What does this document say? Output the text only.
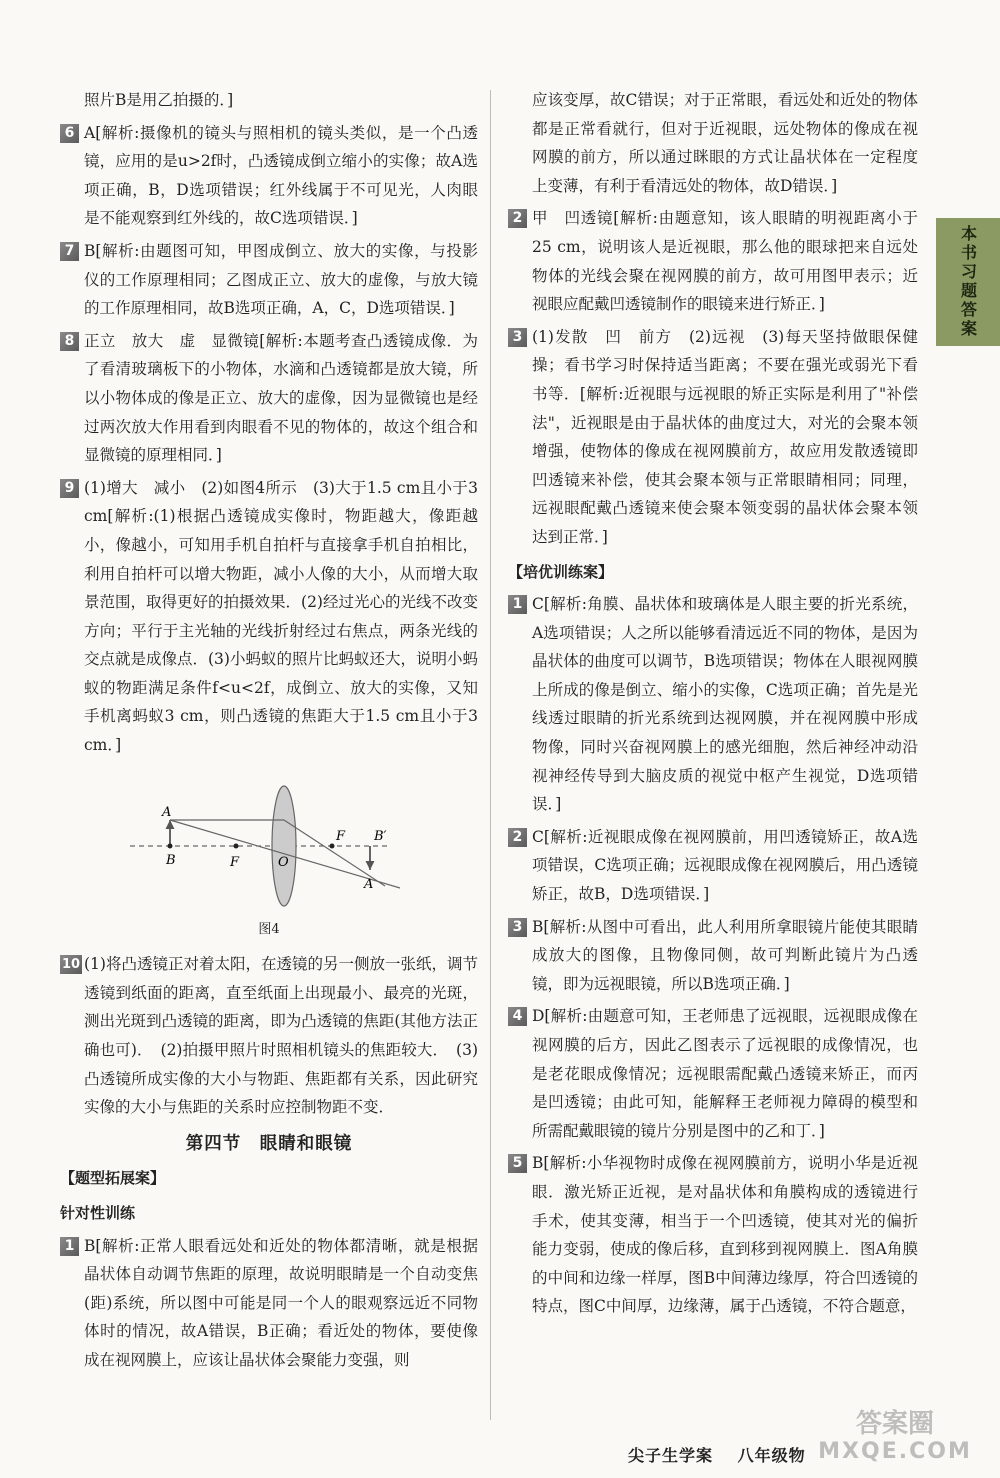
本书习题答案
照片B是用乙拍摄的．]
6 A[解析:摄像机的镜头与照相机的镜头类似，是一个凸透镜，应用的是u>2f时，凸透镜成倒立缩小的实像；故A选项正确，B，D选项错误；红外线属于不可见光，人肉眼是不能观察到红外线的，故C选项错误．]
7 B[解析:由题图可知，甲图成倒立、放大的实像，与投影仪的工作原理相同；乙图成正立、放大的虚像，与放大镜的工作原理相同，故B选项正确，A，C，D选项错误．]
8 正立　放大　虚　显微镜[解析:本题考查凸透镜成像．为了看清玻璃板下的小物体，水滴和凸透镜都是放大镜，所以小物体成的像是正立、放大的虚像，因为显微镜也是经过两次放大作用看到肉眼看不见的物体的，故这个组合和显微镜的原理相同．]
9 (1)增大　减小　(2)如图4所示　(3)大于1.5 cm且小于3 cm[解析:(1)根据凸透镜成实像时，物距越大，像距越小，像越小，可知用手机自拍杆与直接拿手机自拍相比，利用自拍杆可以增大物距，减小人像的大小，从而增大取景范围，取得更好的拍摄效果．(2)经过光心的光线不改变方向；平行于主光轴的光线折射经过右焦点，两条光线的交点就是成像点．(3)小蚂蚁的照片比蚂蚁还大，说明小蚂蚁的物距满足条件f<u<2f，成倒立、放大的实像，又知手机离蚂蚁3 cm，则凸透镜的焦距大于1.5 cm且小于3 cm．]
A
B	F	O
F B′
A
图4
10 (1)将凸透镜正对着太阳，在透镜的另一侧放一张纸，调节透镜到纸面的距离，直至纸面上出现最小、最亮的光斑，测出光斑到凸透镜的距离，即为凸透镜的焦距(其他方法正确也可)．　(2)拍摄甲照片时照相机镜头的焦距较大．　(3)凸透镜所成实像的大小与物距、焦距都有关系，因此研究实像的大小与焦距的关系时应控制物距不变．
第四节　眼睛和眼镜
【题型拓展案】
针对性训练
1 B[解析:正常人眼看远处和近处的物体都清晰，就是根据晶状体自动调节焦距的原理，故说明眼睛是一个自动变焦(距)系统，所以图中可能是同一个人的眼观察远近不同物体时的情况，故A错误，B正确；看近处的物体，要使像成在视网膜上，应该让晶状体会聚能力变强，则
应该变厚，故C错误；对于正常眼，看远处和近处的物体都是正常看就行，但对于近视眼，远处物体的像成在视网膜的前方，所以通过眯眼的方式让晶状体在一定程度上变薄，有利于看清远处的物体，故D错误．]
2 甲　凹透镜[解析:由题意知，该人眼睛的明视距离小于25 cm，说明该人是近视眼，那么他的眼球把来自远处物体的光线会聚在视网膜的前方，故可用图甲表示；近视眼应配戴凹透镜制作的眼镜来进行矫正．]
3 (1)发散　凹　前方　(2)远视　(3)每天坚持做眼保健操；看书学习时保持适当距离；不要在强光或弱光下看书等．[解析:近视眼与远视眼的矫正实际是利用了"补偿法"，近视眼是由于晶状体的曲度过大，对光的会聚本领增强，使物体的像成在视网膜前方，故应用发散透镜即凹透镜来补偿，使其会聚本领与正常眼睛相同；同理，远视眼配戴凸透镜来使会聚本领变弱的晶状体会聚本领达到正常．]
【培优训练案】
1 C[解析:角膜、晶状体和玻璃体是人眼主要的折光系统，A选项错误；人之所以能够看清远近不同的物体，是因为晶状体的曲度可以调节，B选项错误；物体在人眼视网膜上所成的像是倒立、缩小的实像，C选项正确；首先是光线透过眼睛的折光系统到达视网膜，并在视网膜中形成物像，同时兴奋视网膜上的感光细胞，然后神经冲动沿视神经传导到大脑皮质的视觉中枢产生视觉，D选项错误．]
2 C[解析:近视眼成像在视网膜前，用凹透镜矫正，故A选项错误，C选项正确；远视眼成像在视网膜后，用凸透镜矫正，故B，D选项错误．]
3 B[解析:从图中可看出，此人利用所拿眼镜片能使其眼睛成放大的图像，且物像同侧，故可判断此镜片为凸透镜，即为远视眼镜，所以B选项正确．]
4 D[解析:由题意可知，王老师患了远视眼，远视眼成像在视网膜的后方，因此乙图表示了远视眼的成像情况，也是老花眼成像情况；远视眼需配戴凸透镜来矫正，而丙是凹透镜；由此可知，能解释王老师视力障碍的模型和所需配戴眼镜的镜片分别是图中的乙和丁．]
5 B[解析:小华视物时成像在视网膜前方，说明小华是近视眼．激光矫正近视，是对晶状体和角膜构成的透镜进行手术，使其变薄，相当于一个凹透镜，使其对光的偏折能力变弱，使成的像后移，直到移到视网膜上．图A角膜的中间和边缘一样厚，图B中间薄边缘厚，符合凹透镜的特点，图C中间厚，边缘薄，属于凸透镜，不符合题意，
答案圈
MXQE.COM
尖子生学案 八年级物
